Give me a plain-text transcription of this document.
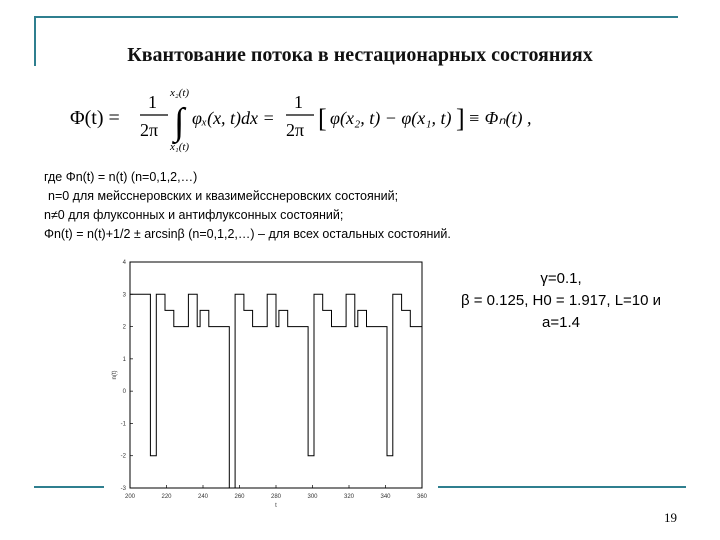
Квантование потока в нестационарных состояниях
Φ(t) =
1
2π ∫
x₂(t)
x₁(t)
φₓ(x, t)dx =
1
2π [ φ(x₂, t) − φ(x₁, t) ] ≡ Φₙ(t) ,
где Φn(t) = n(t) (n=0,1,2,…)
n=0 для мейсснеровских и квазимейсснеровских состояний;
n≠0 для флуксонных и антифлуксонных состояний;
Φn(t) = n(t)+1/2 ± arcsinβ (n=0,1,2,…) – для всех остальных состояний.
200	220	240	260	280	300	320	340	360
-3
-2
-1
0
1
2
3
4
t
n(t)
γ=0.1,
β = 0.125, H0 = 1.917, L=10 и
a=1.4
19
